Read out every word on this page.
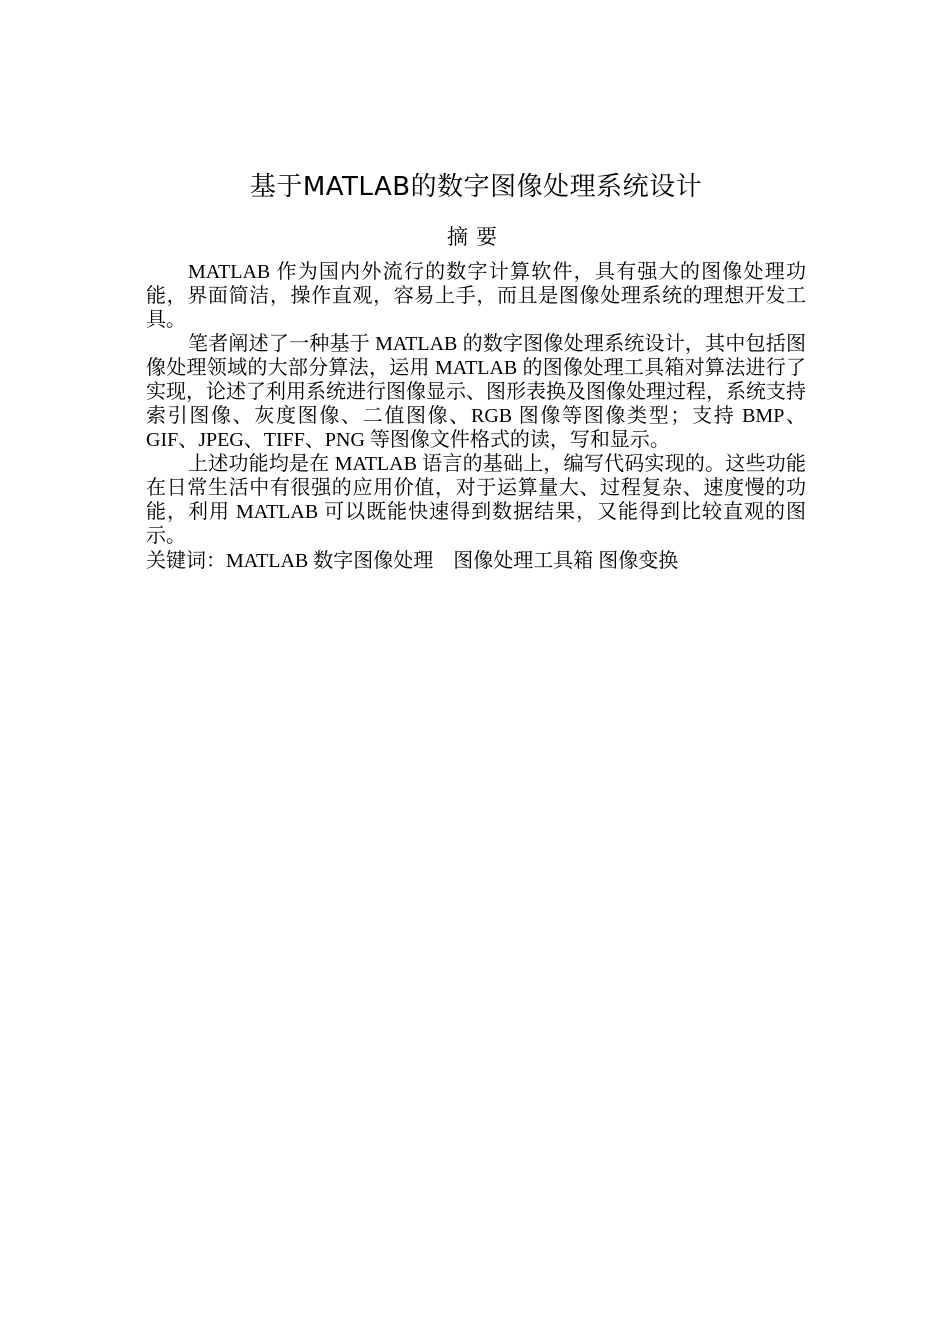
基于MATLAB的数字图像处理系统设计
摘要

MATLAB 作为国内外流行的数字计算软件，具有强大的图像处理功能，界面简洁，操作直观，容易上手，而且是图像处理系统的理想开发工具。

笔者阐述了一种基于 MATLAB 的数字图像处理系统设计，其中包括图像处理领域的大部分算法，运用 MATLAB 的图像处理工具箱对算法进行了实现，论述了利用系统进行图像显示、图形表换及图像处理过程，系统支持索引图像、灰度图像、二值图像、RGB 图像等图像类型；支持 BMP、GIF、JPEG、TIFF、PNG 等图像文件格式的读，写和显示。

上述功能均是在 MATLAB 语言的基础上，编写代码实现的。这些功能在日常生活中有很强的应用价值，对于运算量大、过程复杂、速度慢的功能，利用 MATLAB 可以既能快速得到数据结果，又能得到比较直观的图示。

关键词：MATLAB 数字图像处理    图像处理工具箱 图像变换
